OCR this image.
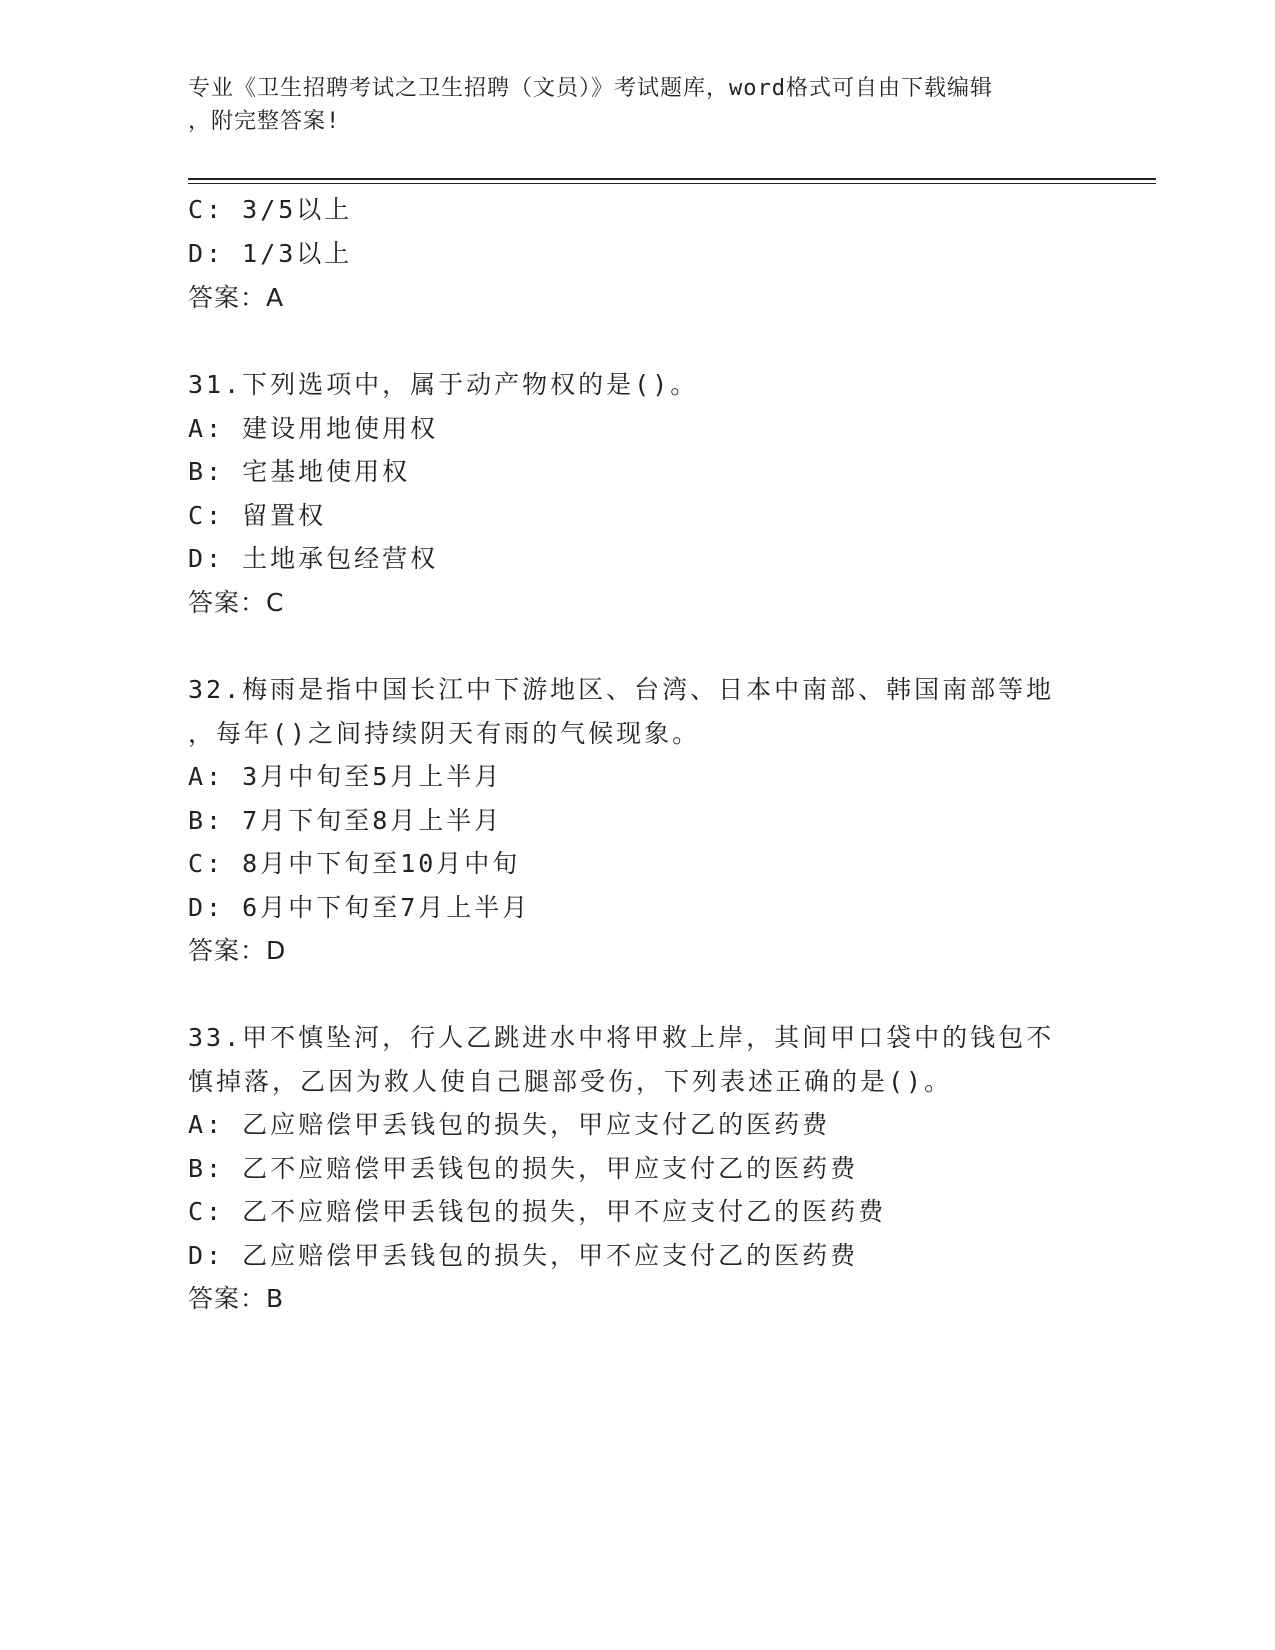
专业《卫生招聘考试之卫生招聘（文员）》考试题库，word格式可自由下载编辑
，附完整答案!
C: 3/5以上
D: 1/3以上
答案：A
31.下列选项中，属于动产物权的是()。
A: 建设用地使用权
B: 宅基地使用权
C: 留置权
D: 土地承包经营权
答案：C
32.梅雨是指中国长江中下游地区、台湾、日本中南部、韩国南部等地
，每年()之间持续阴天有雨的气候现象。
A: 3月中旬至5月上半月
B: 7月下旬至8月上半月
C: 8月中下旬至10月中旬
D: 6月中下旬至7月上半月
答案：D
33.甲不慎坠河，行人乙跳进水中将甲救上岸，其间甲口袋中的钱包不
慎掉落，乙因为救人使自己腿部受伤，下列表述正确的是()。
A: 乙应赔偿甲丢钱包的损失，甲应支付乙的医药费
B: 乙不应赔偿甲丢钱包的损失，甲应支付乙的医药费
C: 乙不应赔偿甲丢钱包的损失，甲不应支付乙的医药费
D: 乙应赔偿甲丢钱包的损失，甲不应支付乙的医药费
答案：B
